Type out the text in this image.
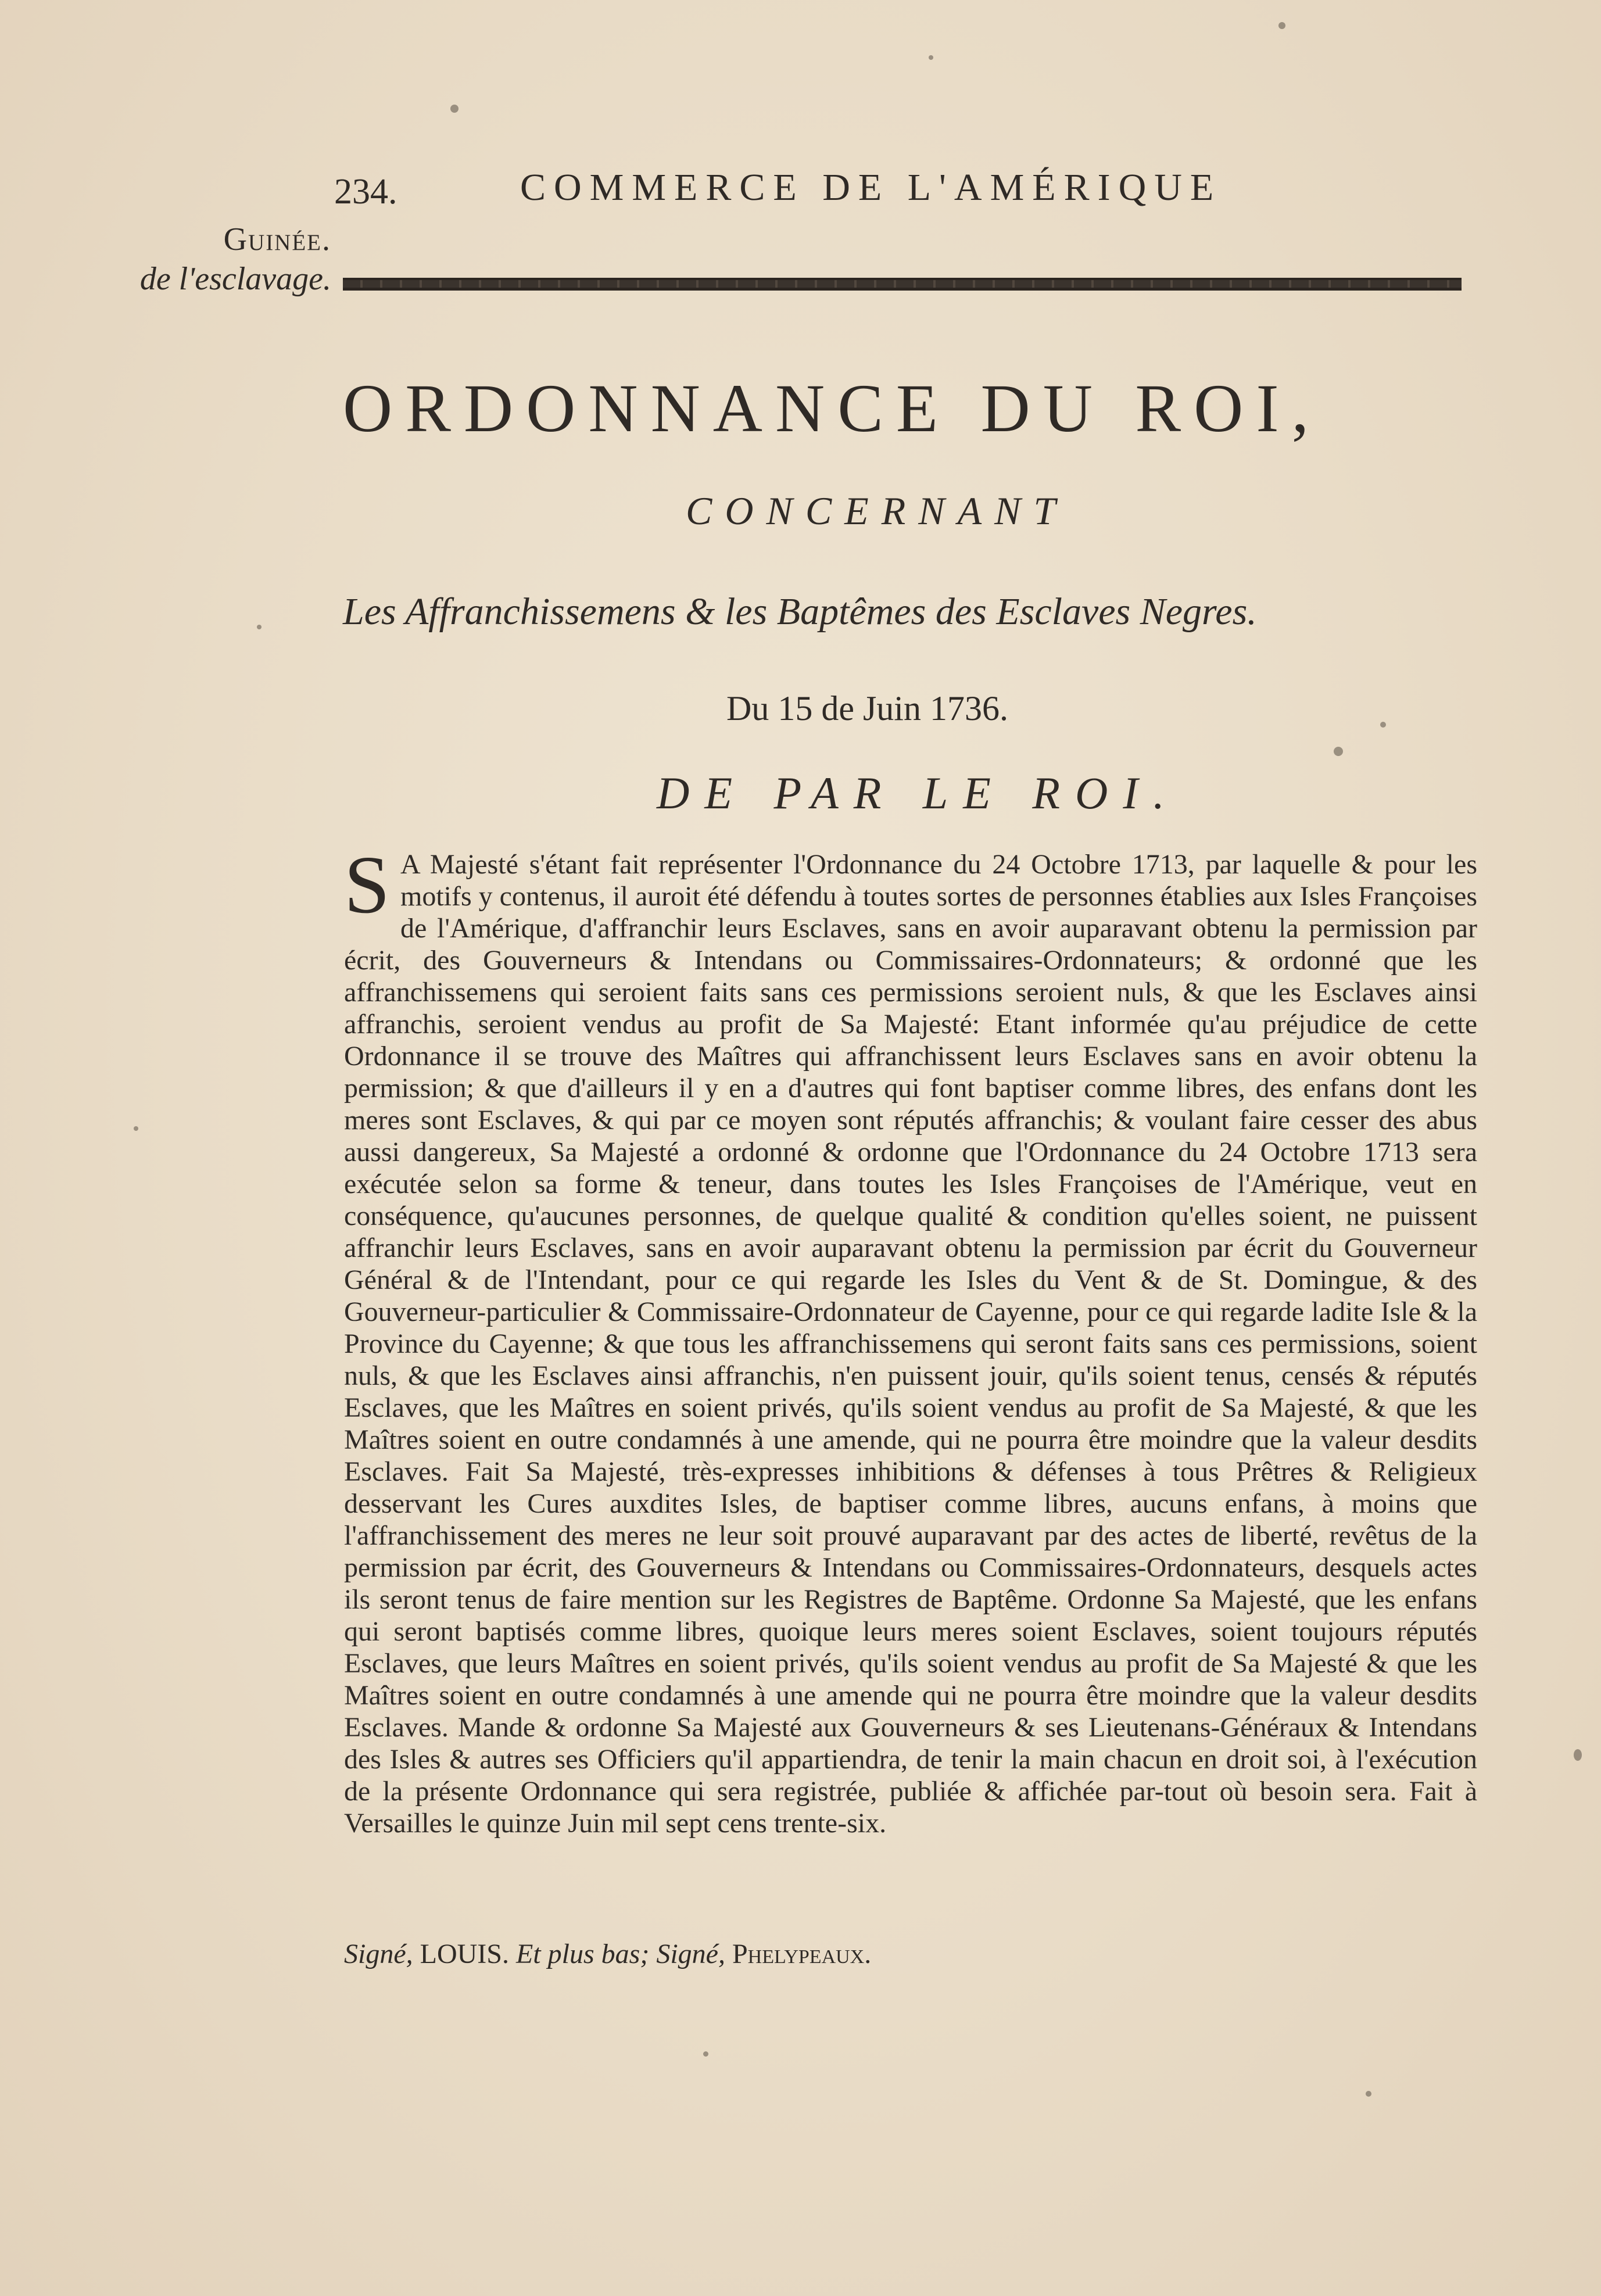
234.	COMMERCE DE L'AMÉRIQUE
Guinée.
de l'esclavage.
ORDONNANCE DU ROI,
CONCERNANT
Les Affranchissemens & les Baptêmes des Esclaves Negres.
Du 15 de Juin 1736.
DE PAR LE ROI.
S A Majesté s'étant fait représenter l'Ordonnance du 24 Octobre 1713, par laquelle & pour les motifs y contenus, il auroit été défendu à toutes sortes de personnes établies aux Isles Françoises de l'Amérique, d'affranchir leurs Esclaves, sans en avoir auparavant obtenu la permission par écrit, des Gouverneurs & Intendans ou Commissaires-Ordonnateurs; & ordonné que les affranchissemens qui seroient faits sans ces permissions seroient nuls, & que les Esclaves ainsi affranchis, seroient vendus au profit de Sa Majesté: Etant informée qu'au préjudice de cette Ordonnance il se trouve des Maîtres qui affranchissent leurs Esclaves sans en avoir obtenu la permission; & que d'ailleurs il y en a d'autres qui font baptiser comme libres, des enfans dont les meres sont Esclaves, & qui par ce moyen sont réputés affranchis; & voulant faire cesser des abus aussi dangereux, Sa Majesté a ordonné & ordonne que l'Ordonnance du 24 Octobre 1713 sera exécutée selon sa forme & teneur, dans toutes les Isles Françoises de l'Amérique, veut en conséquence, qu'aucunes personnes, de quelque qualité & condition qu'elles soient, ne puissent affranchir leurs Esclaves, sans en avoir auparavant obtenu la permission par écrit du Gouverneur Général & de l'Intendant, pour ce qui regarde les Isles du Vent & de St. Domingue, & des Gouverneur-particulier & Commissaire-Ordonnateur de Cayenne, pour ce qui regarde ladite Isle & la Province du Cayenne; & que tous les affranchissemens qui seront faits sans ces permissions, soient nuls, & que les Esclaves ainsi affranchis, n'en puissent jouir, qu'ils soient tenus, censés & réputés Esclaves, que les Maîtres en soient privés, qu'ils soient vendus au profit de Sa Majesté, & que les Maîtres soient en outre condamnés à une amende, qui ne pourra être moindre que la valeur desdits Esclaves. Fait Sa Majesté, très-expresses inhibitions & défenses à tous Prêtres & Religieux desservant les Cures auxdites Isles, de baptiser comme libres, aucuns enfans, à moins que l'affranchissement des meres ne leur soit prouvé auparavant par des actes de liberté, revêtus de la permission par écrit, des Gouverneurs & Intendans ou Commissaires-Ordonnateurs, desquels actes ils seront tenus de faire mention sur les Registres de Baptême. Ordonne Sa Majesté, que les enfans qui seront baptisés comme libres, quoique leurs meres soient Esclaves, soient toujours réputés Esclaves, que leurs Maîtres en soient privés, qu'ils soient vendus au profit de Sa Majesté & que les Maîtres soient en outre condamnés à une amende qui ne pourra être moindre que la valeur desdits Esclaves. Mande & ordonne Sa Majesté aux Gouverneurs & ses Lieutenans-Généraux & Intendans des Isles & autres ses Officiers qu'il appartiendra, de tenir la main chacun en droit soi, à l'exécution de la présente Ordonnance qui sera registrée, publiée & affichée par-tout où besoin sera. Fait à Versailles le quinze Juin mil sept cens trente-six.
Signé, LOUIS. Et plus bas; Signé, Phelypeaux.
